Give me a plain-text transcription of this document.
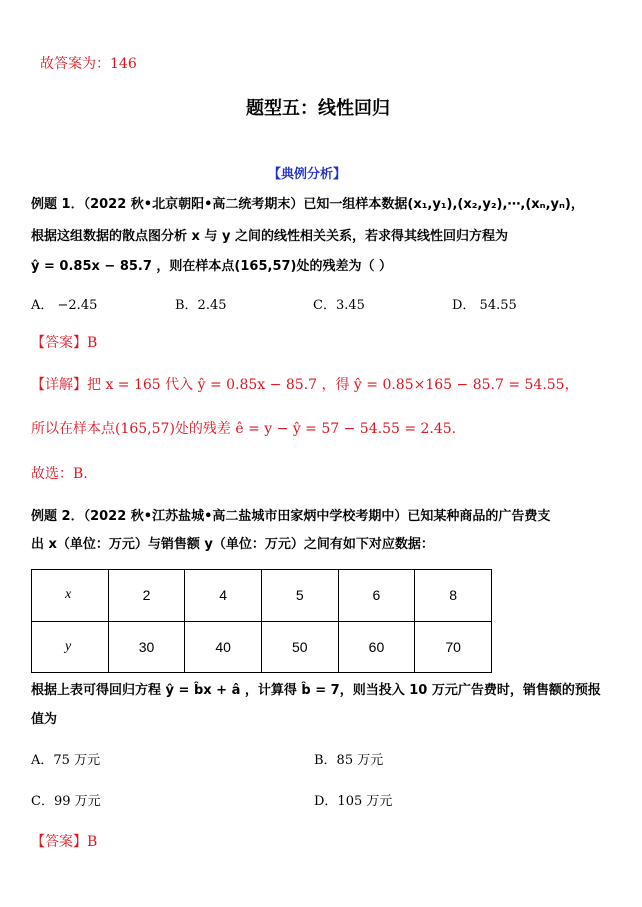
故答案为：146
题型五：线性回归
【典例分析】
例题 1．（2022 秋•北京朝阳•高二统考期末）已知一组样本数据(x₁,y₁),(x₂,y₂),⋯,(xₙ,yₙ)，
根据这组数据的散点图分析 x 与 y 之间的线性相关关系，若求得其线性回归方程为
ŷ = 0.85x − 85.7 ，则在样本点(165,57)处的残差为（ ）
A． −2.45	B．2.45	C．3.45	D． 54.55
【答案】B
【详解】把 x = 165 代入 ŷ = 0.85x − 85.7 ，得 ŷ = 0.85×165 − 85.7 = 54.55，
所以在样本点(165,57)处的残差 ê = y − ŷ = 57 − 54.55 = 2.45.
故选：B.
例题 2．（2022 秋•江苏盐城•高二盐城市田家炳中学校考期中）已知某种商品的广告费支
出 x（单位：万元）与销售额 y（单位：万元）之间有如下对应数据：
x	2	4	5	6	8
y	30	40	50	60	70
根据上表可得回归方程 ŷ = b̂x + â ，计算得 b̂ = 7，则当投入 10 万元广告费时，销售额的预报
值为
A．75 万元	B．85 万元
C．99 万元	D．105 万元
【答案】B
